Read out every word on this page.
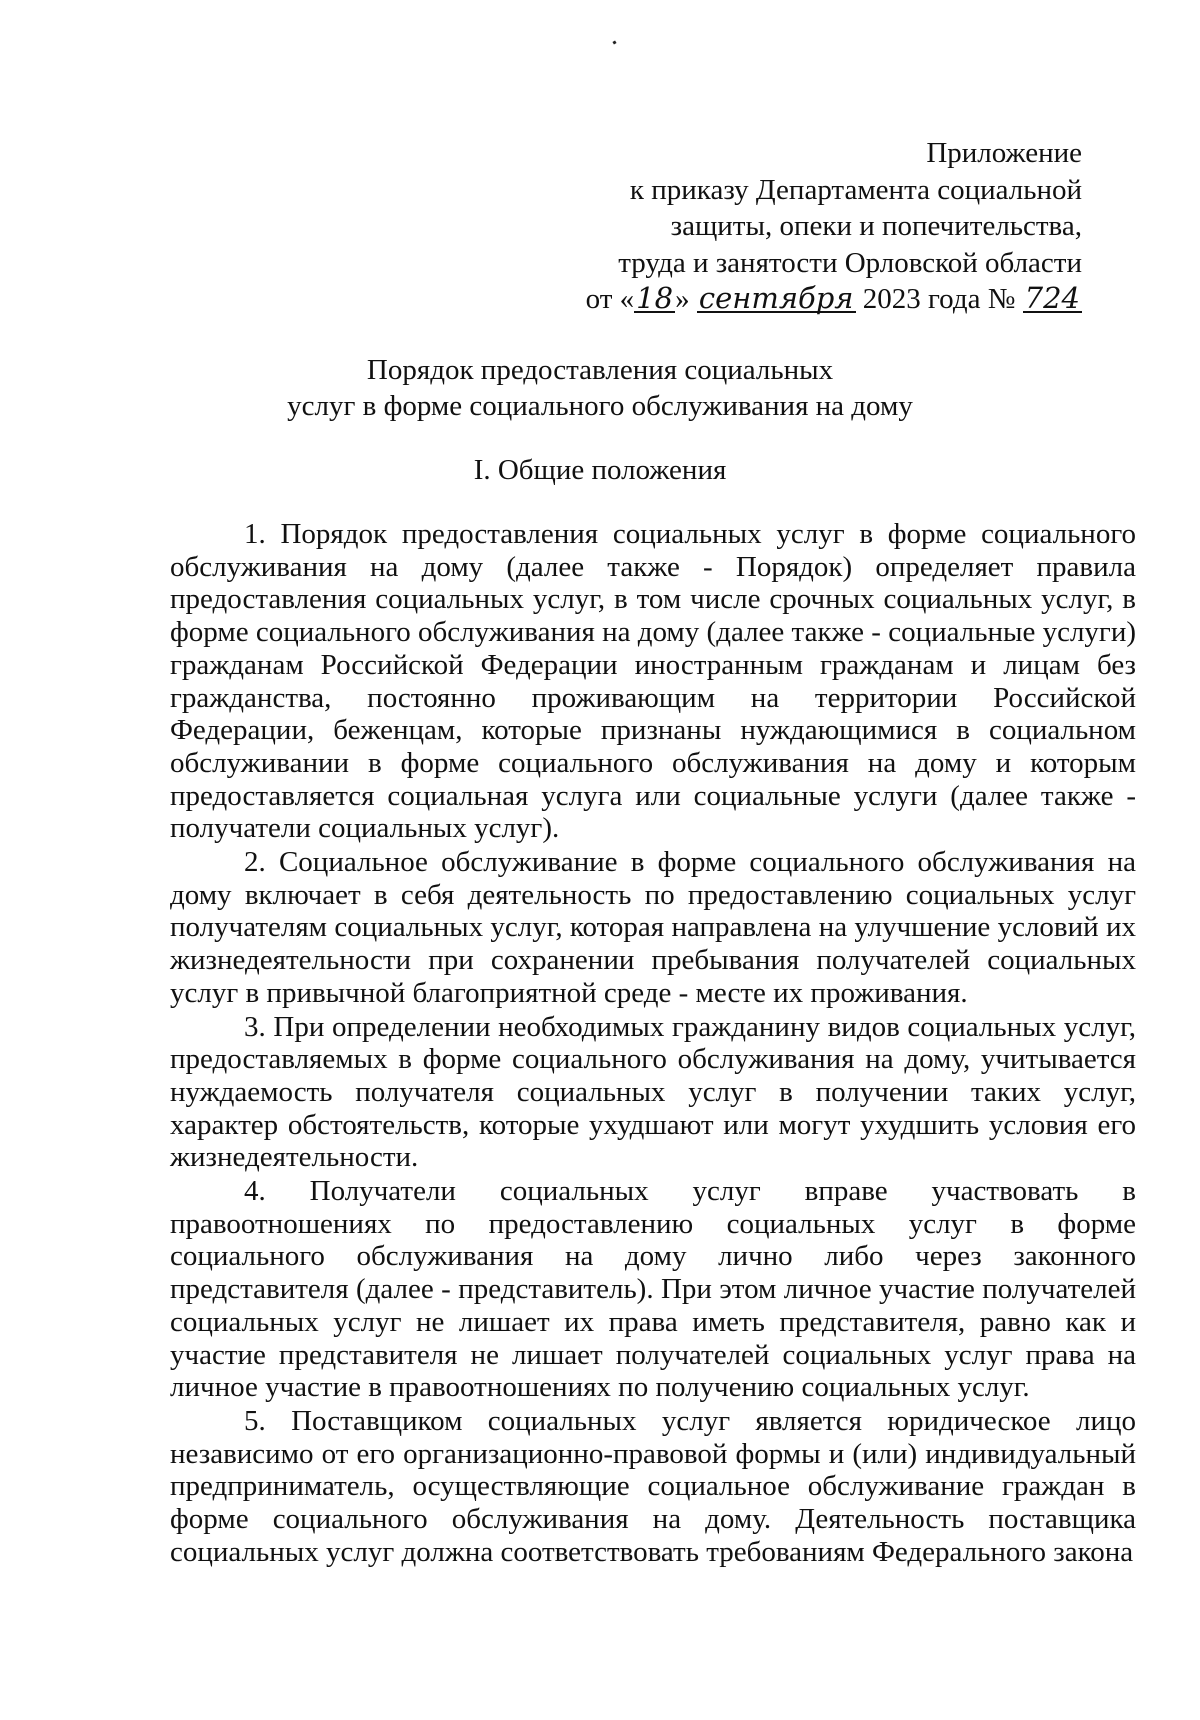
Приложение
к приказу Департамента социальной
защиты, опеки и попечительства,
труда и занятости Орловской области
от «18» сентября 2023 года № 724
Порядок предоставления социальных
услуг в форме социального обслуживания на дому
I. Общие положения

1. Порядок предоставления социальных услуг в форме социального обслуживания на дому (далее также - Порядок) определяет правила предоставления социальных услуг, в том числе срочных социальных услуг, в форме социального обслуживания на дому (далее также - социальные услуги) гражданам Российской Федерации иностранным гражданам и лицам без гражданства, постоянно проживающим на территории Российской Федерации, беженцам, которые признаны нуждающимися в социальном обслуживании в форме социального обслуживания на дому и которым предоставляется социальная услуга или социальные услуги (далее также - получатели социальных услуг).

2. Социальное обслуживание в форме социального обслуживания на дому включает в себя деятельность по предоставлению социальных услуг получателям социальных услуг, которая направлена на улучшение условий их жизнедеятельности при сохранении пребывания получателей социальных услуг в привычной благоприятной среде - месте их проживания.

3. При определении необходимых гражданину видов социальных услуг, предоставляемых в форме социального обслуживания на дому, учитывается нуждаемость получателя социальных услуг в получении таких услуг, характер обстоятельств, которые ухудшают или могут ухудшить условия его жизнедеятельности.

4. Получатели социальных услуг вправе участвовать в правоотношениях по предоставлению социальных услуг в форме социального обслуживания на дому лично либо через законного представителя (далее - представитель). При этом личное участие получателей социальных услуг не лишает их права иметь представителя, равно как и участие представителя не лишает получателей социальных услуг права на личное участие в правоотношениях по получению социальных услуг.

5. Поставщиком социальных услуг является юридическое лицо независимо от его организационно-правовой формы и (или) индивидуальный предприниматель, осуществляющие социальное обслуживание граждан в форме социального обслуживания на дому. Деятельность поставщика социальных услуг должна соответствовать требованиям Федерального закона
